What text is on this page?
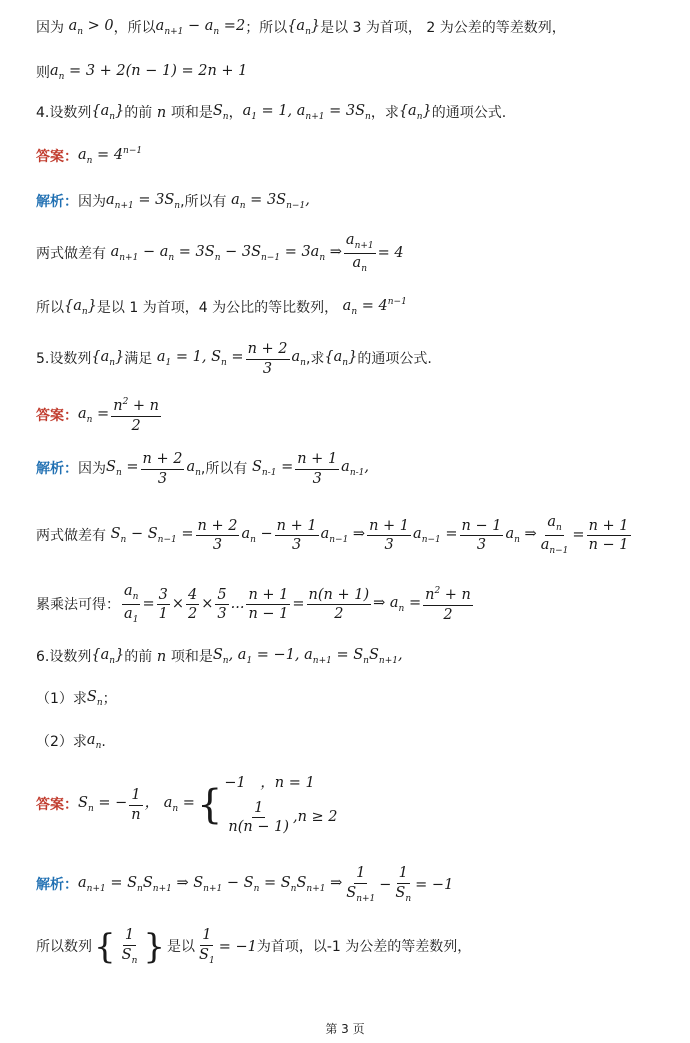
因为 $a_n > 0$ ，所以 $a_{n+1} - a_n =2$ ；所以 $\{a_n\}$ 是以 3 为首项， 2 为公差的等差数列，
则 $a_n = 3 + 2(n - 1) = 2n + 1$
4.设数列 $\{a_n\}$ 的前 n 项和是 $S_n$ ， $a_1 = 1$, $a_{n+1} = 3S_n$ ，求 $\{a_n\}$ 的通项公式.
答案： $a_n = 4^{n-1}$
解析： 因为 $a_{n+1} = 3S_n$ ,所以有 $a_n = 3S_{n-1}$,
两式做差有 $a_{n+1} - a_n = 3S_n - 3S_{n-1} = 3a_n$ ⇒ $\frac{a_{n+1}}{a_n} = 4$
所以 $\{a_n\}$ 是以 1 为首项，4 为公比的等比数列， $a_n = 4^{n-1}$
5.设数列 $\{a_n\}$ 满足 $a_1 = 1$, $S_n = \frac{n + 2}{3} a_n$ ,求 $\{a_n\}$ 的通项公式.
答案： $a_n = \frac{n^2 + n}{2}$
解析： 因为 $S_n = \frac{n + 2}{3} a_n$ ,所以有 $S_{n-1} = \frac{n + 1}{3} a_{n-1}$,
两式做差有 $S_n - S_{n-1} = \frac{n + 2}{3} a_n - \frac{n + 1}{3} a_{n-1}$ ⇒ $\frac{n + 1}{3} a_{n-1} = \frac{n - 1}{3} a_n$ ⇒ $\frac{a_n}{a_{n-1}} = \frac{n + 1}{n - 1}$
累乘法可得： $\frac{a_n}{a_1} = \frac{3}{1} \times \frac{4}{2} \times \frac{5}{3}$ ... $\frac{n + 1}{n - 1} = \frac{n(n + 1)}{2}$ ⇒ $a_n = \frac{n^2 + n}{2}$
6.设数列 $\{a_n\}$ 的前 n 项和是 $S_n$, $a_1 = -1$, $a_{n+1} = S_nS_{n+1}$,
（1）求 $S_n$ ；
（2）求 $a_n$ .
答案： $S_n$ = − $\frac{1}{n}$ ， $a_n$ = { −1　，n = 1
$\frac{1}{n(n - 1)} ,n \ge 2$
解析： $a_{n+1} = S_nS_{n+1}$ ⇒ $S_{n+1} - S_n = S_nS_{n+1}$ ⇒ $\frac{1}{S_{n+1}} - \frac{1}{S_n} = -1$
所以数列 { $\frac{1}{S_n}$ } 是以 $\frac{1}{S_1} = -1$ 为首项，以-1 为公差的等差数列，
第 3 页
